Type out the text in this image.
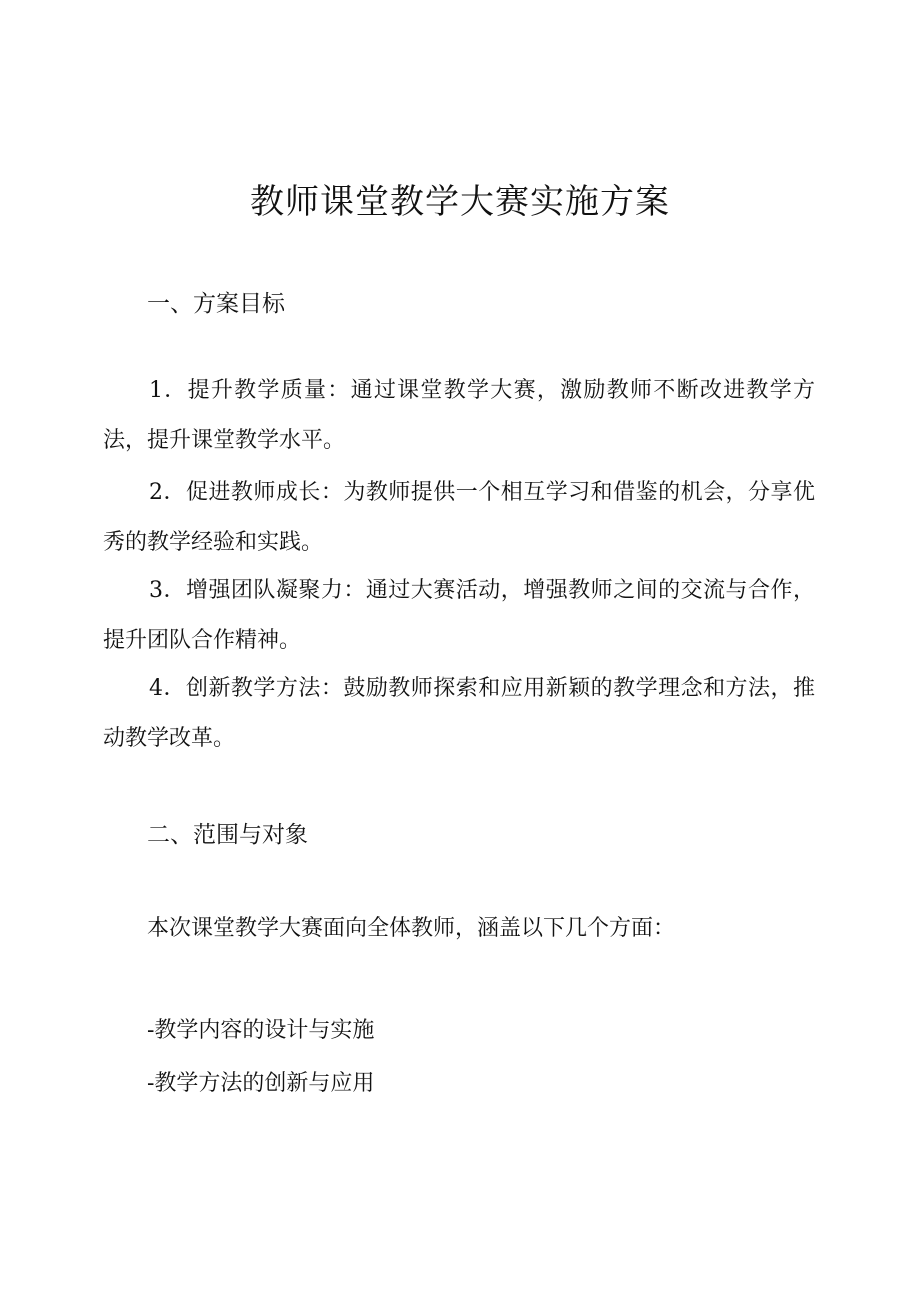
教师课堂教学大赛实施方案
一、方案目标

1．提升教学质量：通过课堂教学大赛，激励教师不断改进教学方法，提升课堂教学水平。

2．促进教师成长：为教师提供一个相互学习和借鉴的机会，分享优秀的教学经验和实践。

3．增强团队凝聚力：通过大赛活动，增强教师之间的交流与合作，提升团队合作精神。

4．创新教学方法：鼓励教师探索和应用新颖的教学理念和方法，推动教学改革。

二、范围与对象

本次课堂教学大赛面向全体教师，涵盖以下几个方面：

-教学内容的设计与实施

-教学方法的创新与应用
